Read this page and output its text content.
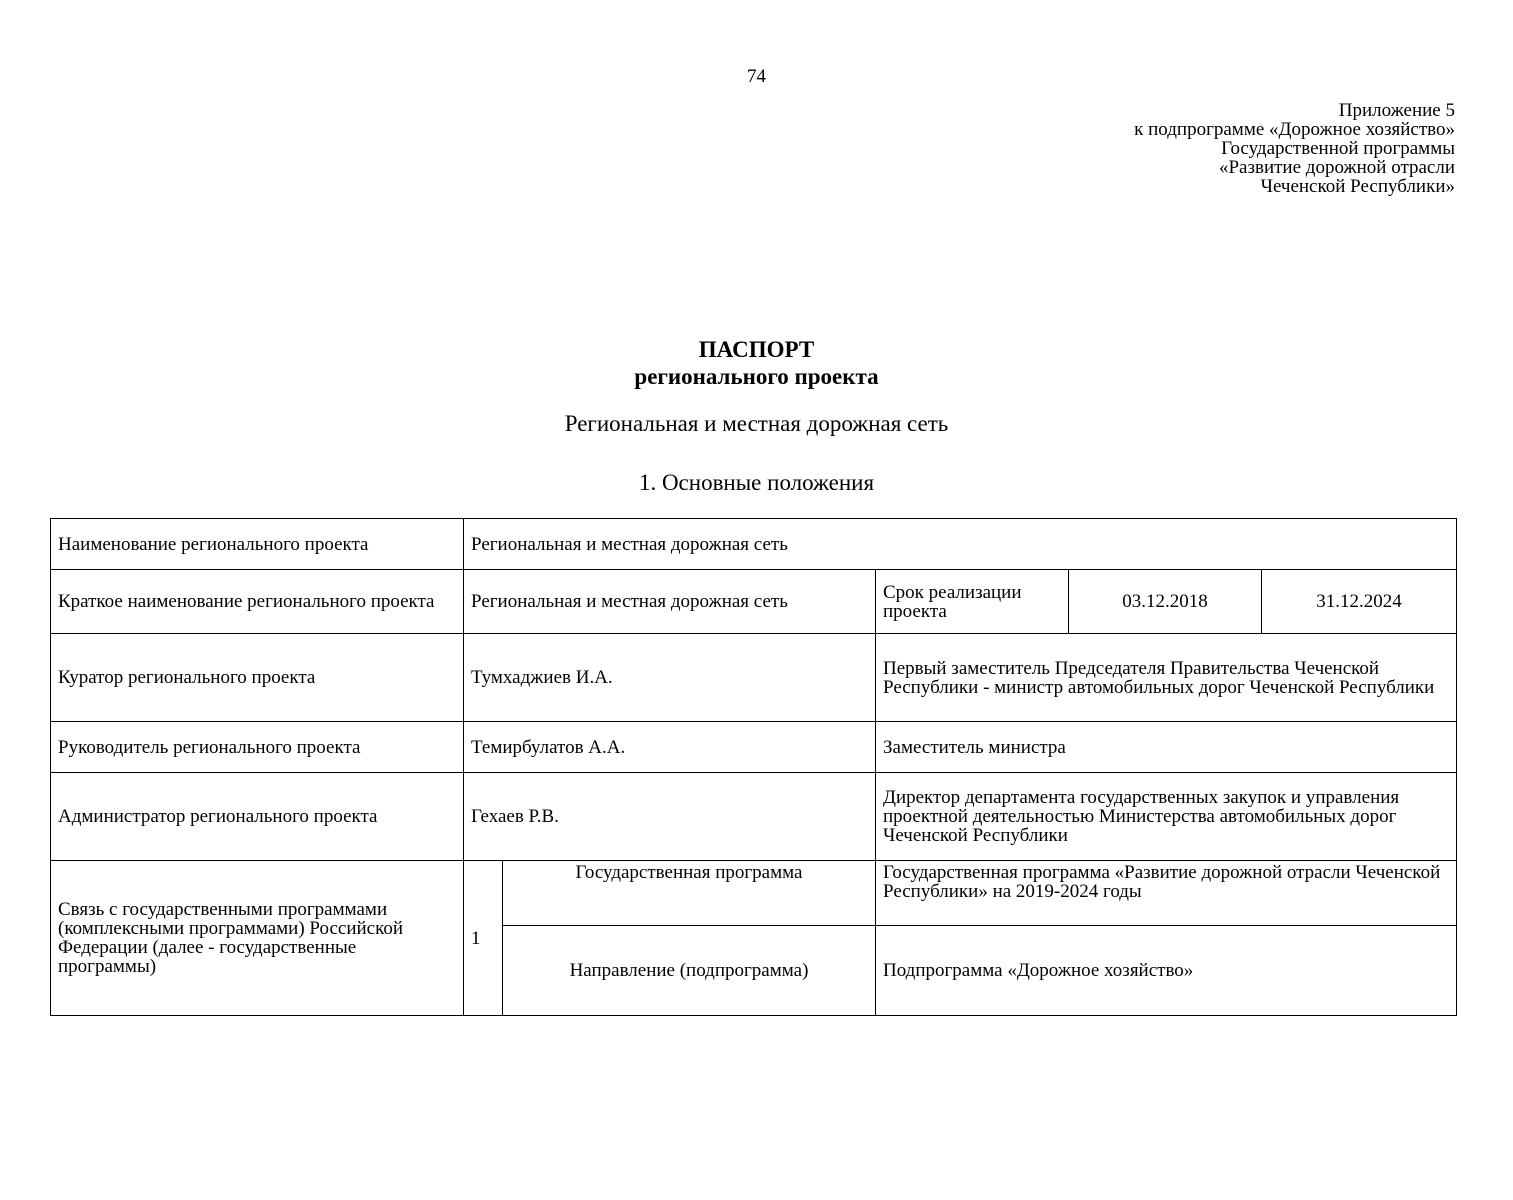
74
Приложение 5
к подпрограмме «Дорожное хозяйство»
Государственной программы
«Развитие дорожной отрасли
Чеченской Республики»
ПАСПОРТ
регионального проекта
Региональная и местная дорожная сеть
1. Основные положения
Наименование регионального проекта	Региональная и местная дорожная сеть				
Краткое наименование регионального проекта	Региональная и местная дорожная сеть		Срок реализации проекта	03.12.2018	31.12.2024
Куратор регионального проекта	Тумхаджиев И.А.		Первый заместитель Председателя Правительства Чеченской Республики - министр автомобильных дорог Чеченской Республики		
Руководитель регионального проекта	Темирбулатов А.А.		Заместитель министра		
Администратор регионального проекта	Гехаев Р.В.		Директор департамента государственных закупок и управления проектной деятельностью Министерства автомобильных дорог Чеченской Республики		
Связь с государственными программами (комплексными программами) Российской Федерации (далее - государственные программы)	1	Государственная программа	Государственная программа «Развитие дорожной отрасли Чеченской Республики» на 2019-2024 годы		
		Направление (подпрограмма)	Подпрограмма «Дорожное хозяйство»		
